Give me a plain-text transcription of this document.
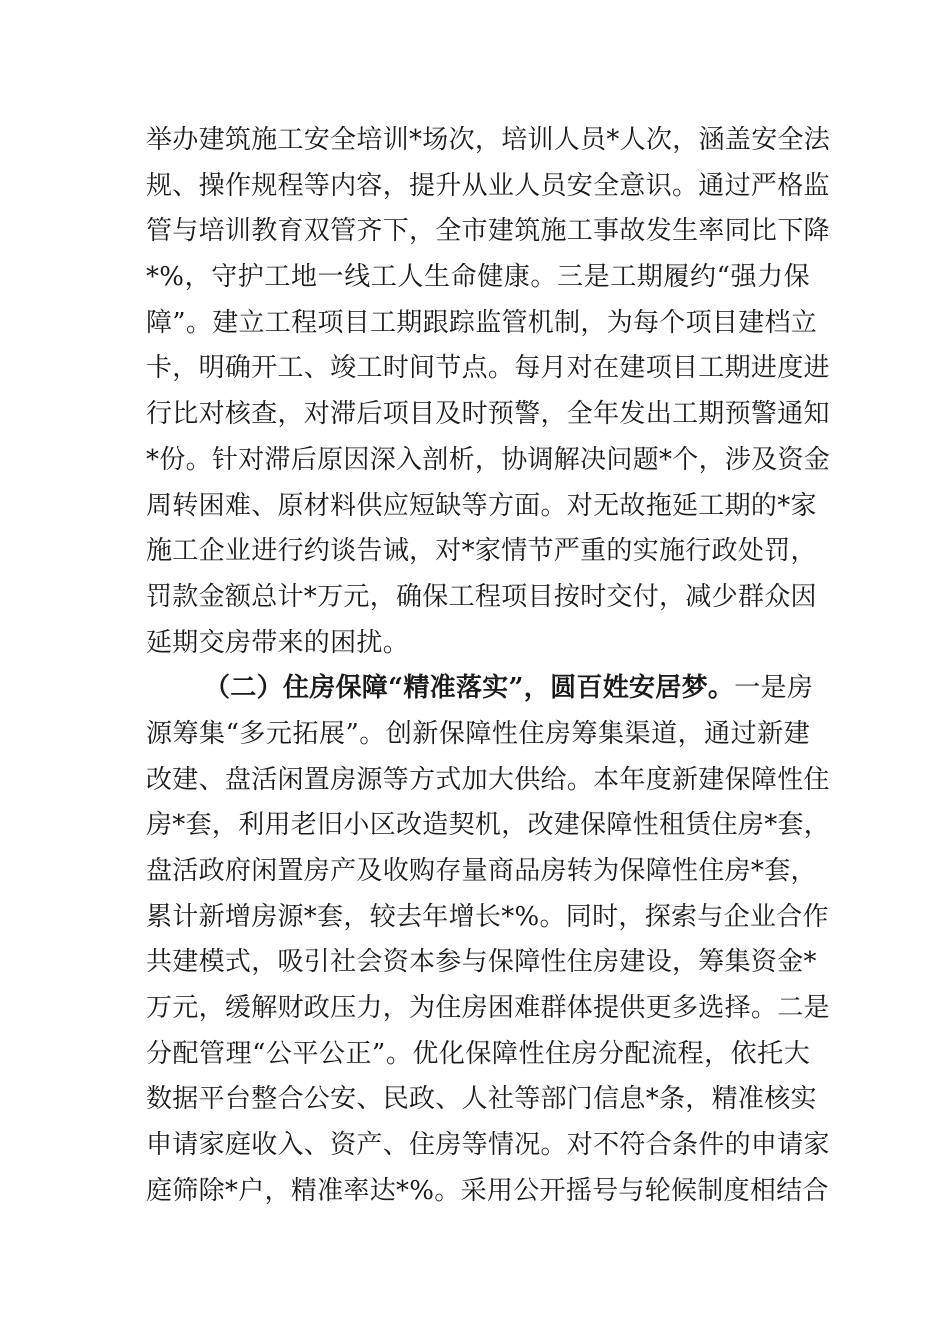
举办建筑施工安全培训*场次，培训人员*人次，涵盖安全法
规、操作规程等内容，提升从业人员安全意识。通过严格监
管与培训教育双管齐下，全市建筑施工事故发生率同比下降
*%，守护工地一线工人生命健康。三是工期履约“强力保
障”。建立工程项目工期跟踪监管机制，为每个项目建档立
卡，明确开工、竣工时间节点。每月对在建项目工期进度进
行比对核查，对滞后项目及时预警，全年发出工期预警通知
*份。针对滞后原因深入剖析，协调解决问题*个，涉及资金
周转困难、原材料供应短缺等方面。对无故拖延工期的*家
施工企业进行约谈告诫，对*家情节严重的实施行政处罚，
罚款金额总计*万元，确保工程项目按时交付，减少群众因
延期交房带来的困扰。
（二）住房保障“精准落实”，圆百姓安居梦。一是房
源筹集“多元拓展”。创新保障性住房筹集渠道，通过新建
改建、盘活闲置房源等方式加大供给。本年度新建保障性住
房*套，利用老旧小区改造契机，改建保障性租赁住房*套，
盘活政府闲置房产及收购存量商品房转为保障性住房*套，
累计新增房源*套，较去年增长*%。同时，探索与企业合作
共建模式，吸引社会资本参与保障性住房建设，筹集资金*
万元，缓解财政压力，为住房困难群体提供更多选择。二是
分配管理“公平公正”。优化保障性住房分配流程，依托大
数据平台整合公安、民政、人社等部门信息*条，精准核实
申请家庭收入、资产、住房等情况。对不符合条件的申请家
庭筛除*户，精准率达*%。采用公开摇号与轮候制度相结合
